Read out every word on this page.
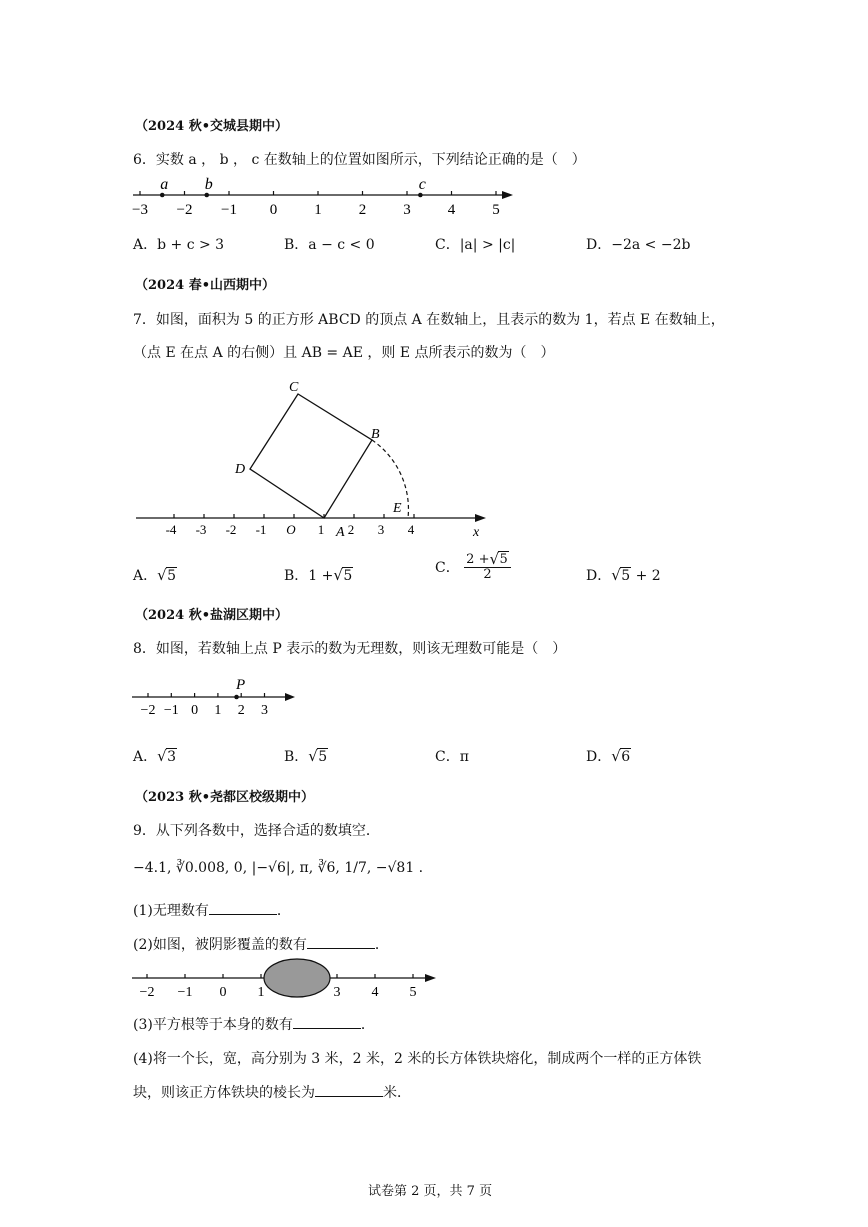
（2024 秋•交城县期中）
6．实数 a ， b ， c 在数轴上的位置如图所示，下列结论正确的是（　）
−3 −2 −1 0 1 2 3 4 5
a b	c
A．b + c > 3	B．a − c < 0	C．|a| > |c|	D．−2a < −2b
（2024 春•山西期中）
7．如图，面积为 5 的正方形 ABCD 的顶点 A 在数轴上，且表示的数为 1，若点 E 在数轴上，
（点 E 在点 A 的右侧）且 AB = AE ，则 E 点所表示的数为（　）
-4 -3 -2 -1 O 1 2 3 4
A
B
C
D
E
x
A． √ 5	B．1 + √ 5
C． $\frac{2 + √ 5}{2}$	D． √ 5 + 2
（2024 秋•盐湖区期中）
8．如图，若数轴上点 P 表示的数为无理数，则该无理数可能是（　）
−2 −1 0 1 2 3
P
A． √ 3	B． √ 5	C．π	D． √ 6
（2023 秋•尧都区校级期中）
9．从下列各数中，选择合适的数填空．
−4.1, ∛0.008, 0, |−√6|, π, ∛6, 1/7, −√81 .
(1)无理数有	．
(2)如图，被阴影覆盖的数有	．
−2 −1 0 1	3 4 5
(3)平方根等于本身的数有	．
(4)将一个长，宽，高分别为 3 米，2 米，2 米的长方体铁块熔化，制成两个一样的正方体铁
块，则该正方体铁块的棱长为	米．
试卷第 2 页，共 7 页
